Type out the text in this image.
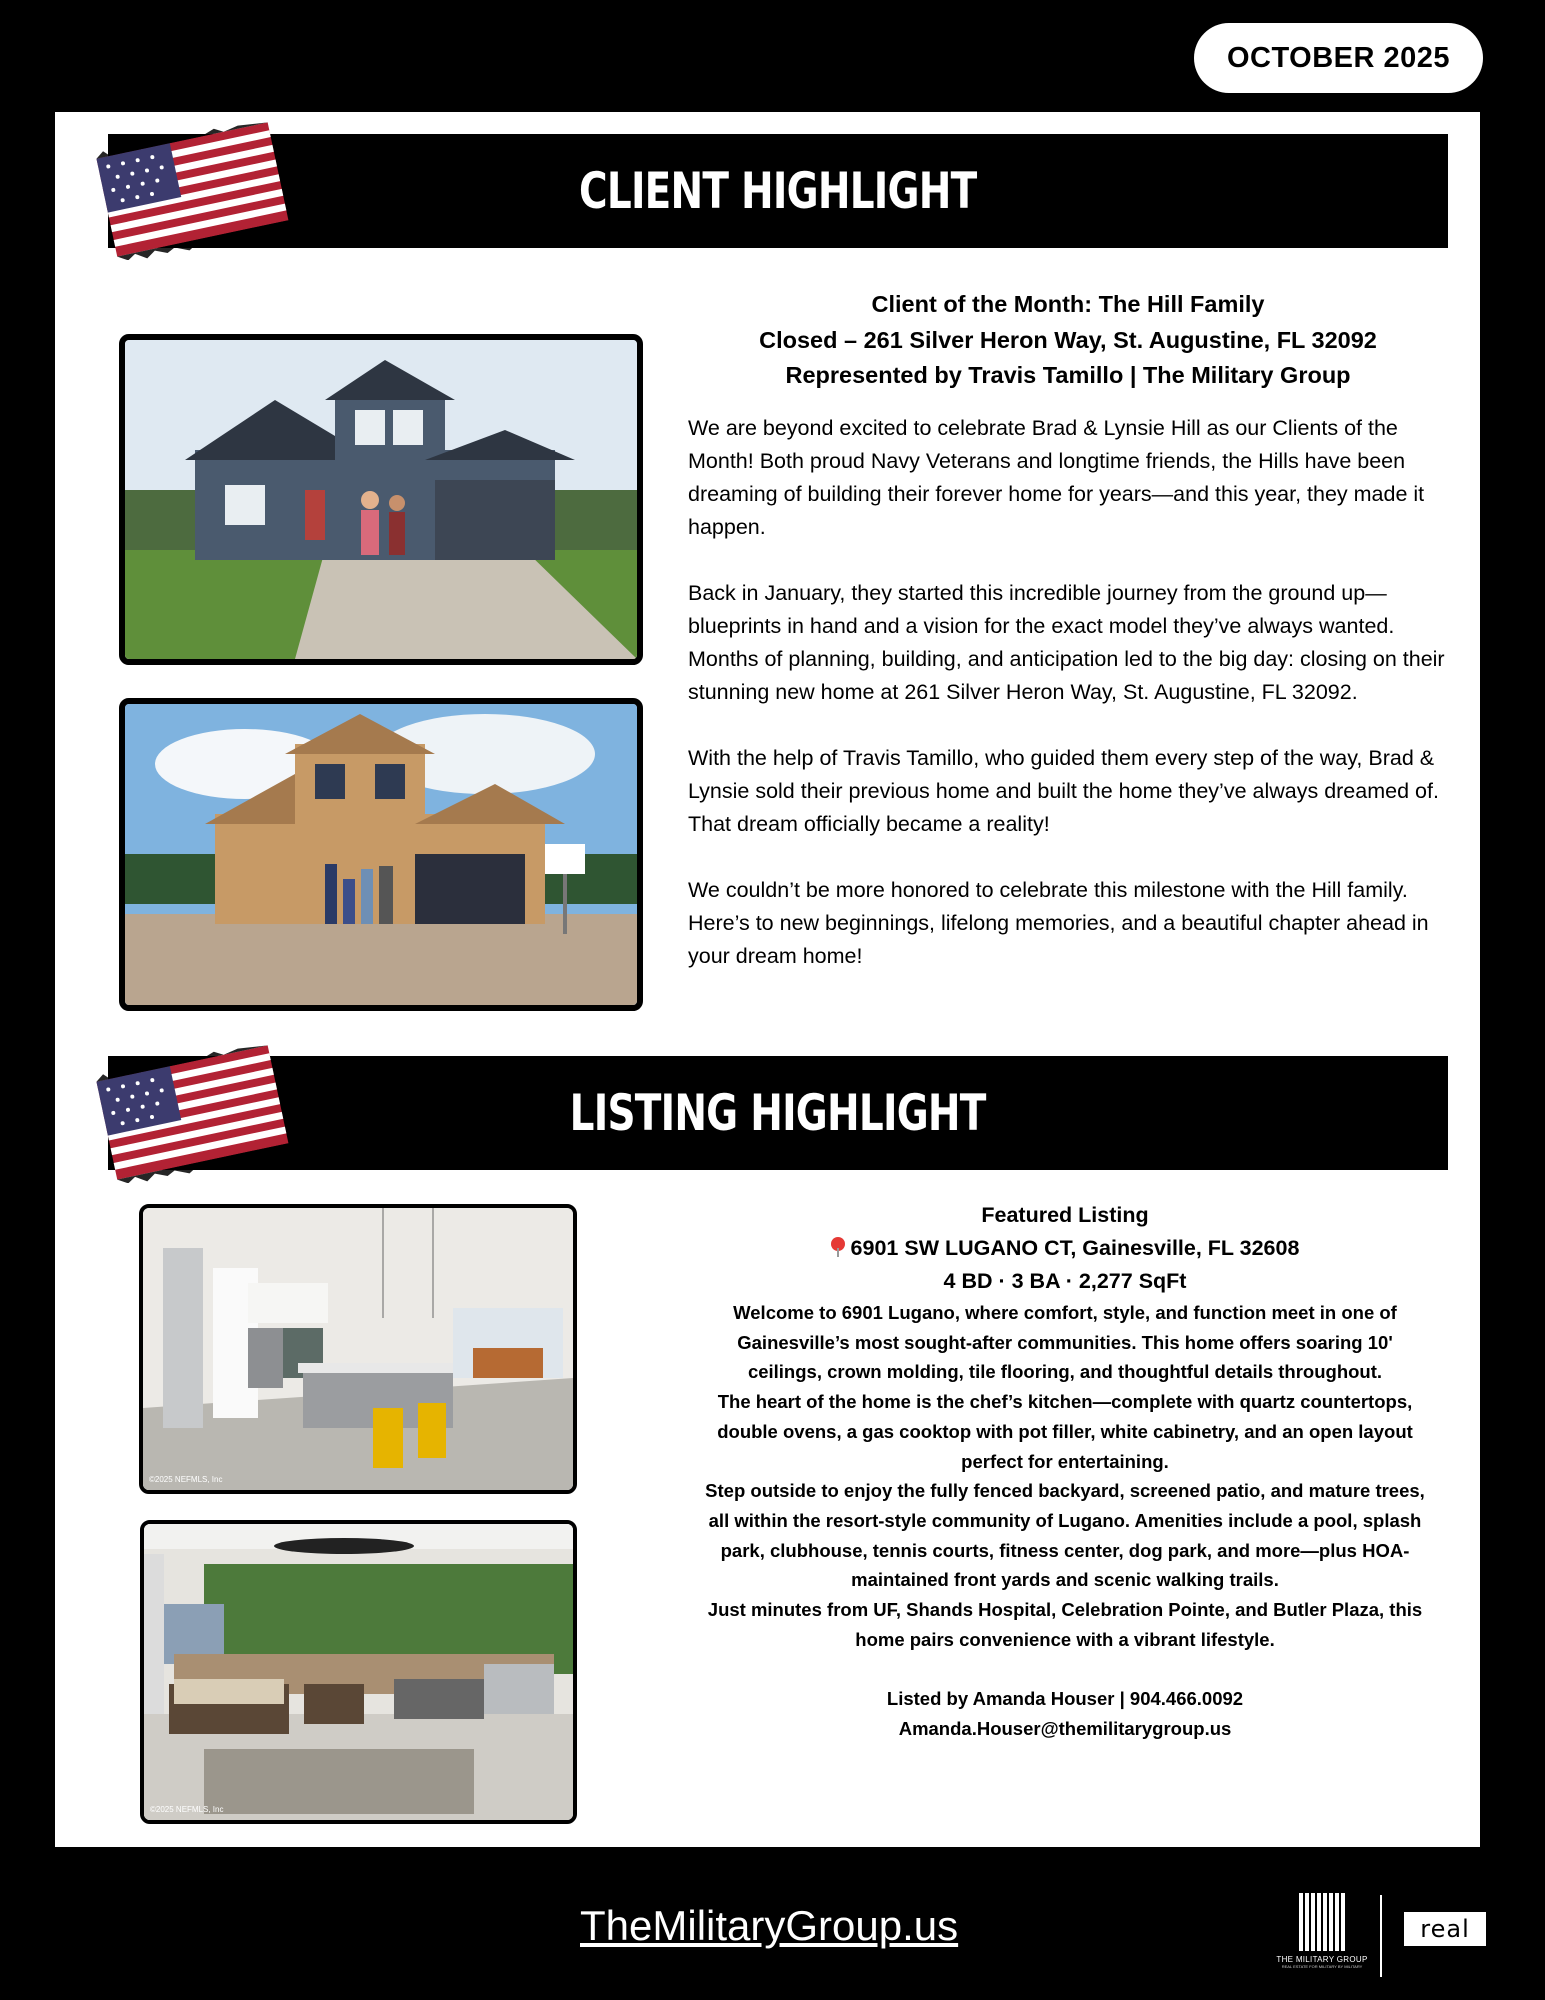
OCTOBER 2025
CLIENT HIGHLIGHT
Client of the Month: The Hill Family
Closed – 261 Silver Heron Way, St. Augustine, FL 32092
Represented by Travis Tamillo | The Military Group

We are beyond excited to celebrate Brad & Lynsie Hill as our Clients of the Month! Both proud Navy Veterans and longtime friends, the Hills have been dreaming of building their forever home for years—and this year, they made it happen.

Back in January, they started this incredible journey from the ground up—blueprints in hand and a vision for the exact model they’ve always wanted. Months of planning, building, and anticipation led to the big day: closing on their stunning new home at 261 Silver Heron Way, St. Augustine, FL 32092.

With the help of Travis Tamillo, who guided them every step of the way, Brad & Lynsie sold their previous home and built the home they’ve always dreamed of. That dream officially became a reality!

We couldn’t be more honored to celebrate this milestone with the Hill family. Here’s to new beginnings, lifelong memories, and a beautiful chapter ahead in your dream home!

LISTING HIGHLIGHT
©2025 NEFMLS, Inc
©2025 NEFMLS, Inc
Featured Listing
6901 SW LUGANO CT, Gainesville, FL 32608
4 BD · 3 BA · 2,277 SqFt
Welcome to 6901 Lugano, where comfort, style, and function meet in one of Gainesville’s most sought-after communities. This home offers soaring 10' ceilings, crown molding, tile flooring, and thoughtful details throughout.
The heart of the home is the chef’s kitchen—complete with quartz countertops, double ovens, a gas cooktop with pot filler, white cabinetry, and an open layout perfect for entertaining.
Step outside to enjoy the fully fenced backyard, screened patio, and mature trees, all within the resort-style community of Lugano. Amenities include a pool, splash park, clubhouse, tennis courts, fitness center, dog park, and more—plus HOA-maintained front yards and scenic walking trails.
Just minutes from UF, Shands Hospital, Celebration Pointe, and Butler Plaza, this home pairs convenience with a vibrant lifestyle.
Listed by Amanda Houser | 904.466.0092
Amanda.Houser@themilitarygroup.us
TheMilitaryGroup.us
THE MILITARY GROUP
REAL ESTATE FOR MILITARY BY MILITARY
real
